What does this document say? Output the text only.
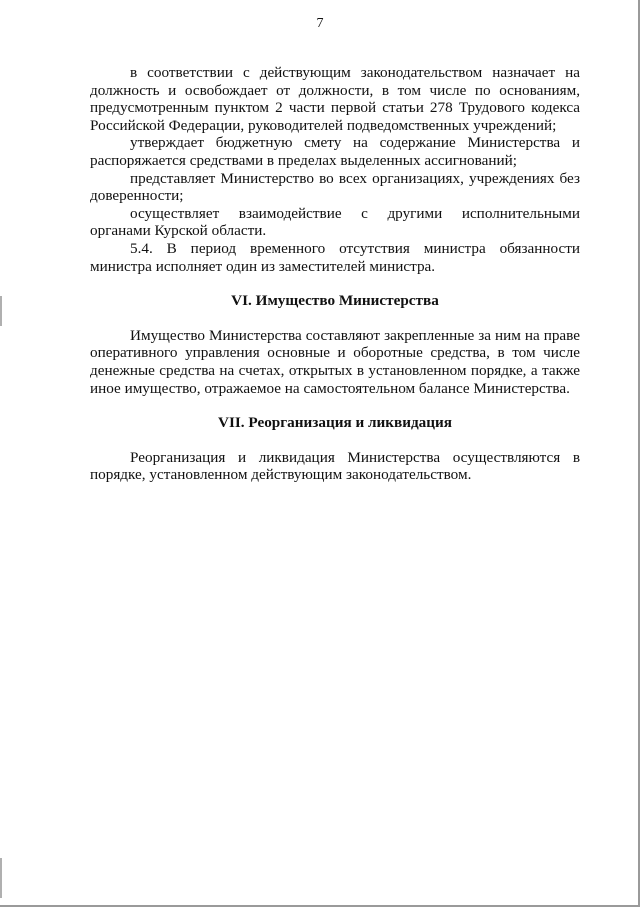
7

в соответствии с действующим законодательством назначает на должность и освобождает от должности, в том числе по основаниям, предусмотренным пунктом 2 части первой статьи 278 Трудового кодекса Российской Федерации, руководителей подведомственных учреждений;

утверждает бюджетную смету на содержание Министерства и распоряжается средствами в пределах выделенных ассигнований;

представляет Министерство во всех организациях, учреждениях без доверенности;

осуществляет взаимодействие с другими исполнительными органами Курской области.

5.4. В период временного отсутствия министра обязанности министра исполняет один из заместителей министра.

VI. Имущество Министерства

Имущество Министерства составляют закрепленные за ним на праве оперативного управления основные и оборотные средства, в том числе денежные средства на счетах, открытых в установленном порядке, а также иное имущество, отражаемое на самостоятельном балансе Министерства.

VII. Реорганизация и ликвидация

Реорганизация и ликвидация Министерства осуществляются в порядке, установленном действующим законодательством.
